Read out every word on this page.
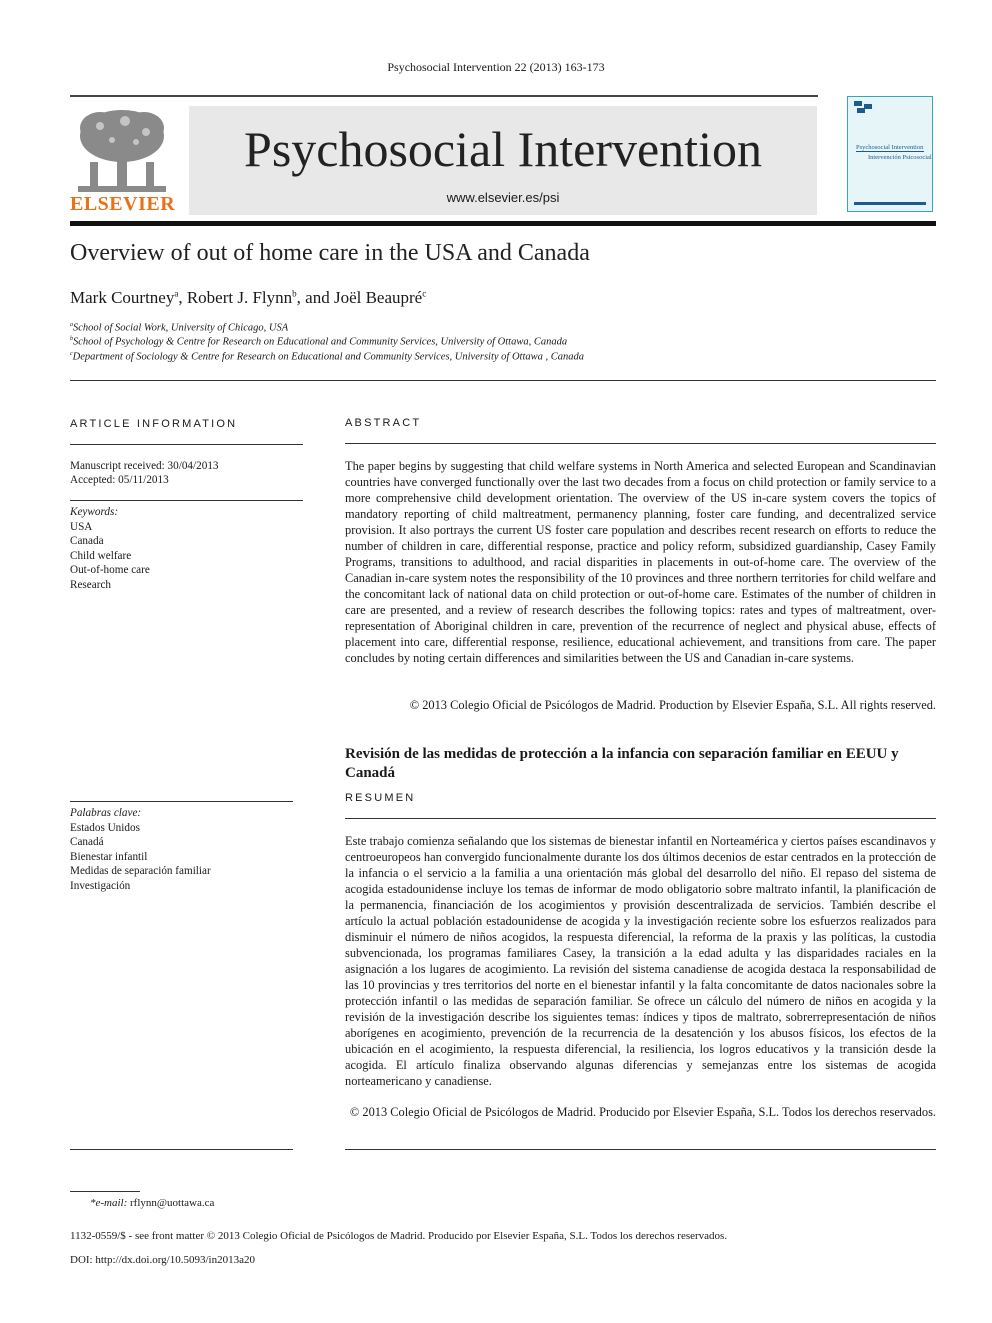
Psychosocial Intervention 22 (2013) 163-173
ELSEVIER
Psychosocial Intervention
www.elsevier.es/psi
Psychosocial Intervention
Intervención Psicosocial
Overview of out of home care in the USA and Canada
Mark Courtney$^a$, Robert J. Flynn$^b$, and Joël Beaupré$^c$
$^a$School of Social Work, University of Chicago, USA
$^b$School of Psychology & Centre for Research on Educational and Community Services, University of Ottawa, Canada
$^c$Department of Sociology & Centre for Research on Educational and Community Services, University of Ottawa , Canada
ARTICLE INFORMATION
Manuscript received: 30/04/2013
Accepted: 05/11/2013
Keywords:
USA
Canada
Child welfare
Out-of-home care
Research
Palabras clave:
Estados Unidos
Canadá
Bienestar infantil
Medidas de separación familiar
Investigación
ABSTRACT
The paper begins by suggesting that child welfare systems in North America and selected European and Scandinavian countries have converged functionally over the last two decades from a focus on child protection or family service to a more comprehensive child development orientation. The overview of the US in-care system covers the topics of mandatory reporting of child maltreatment, permanency planning, foster care funding, and decentralized service provision. It also portrays the current US foster care population and describes recent research on efforts to reduce the number of children in care, differential response, practice and policy reform, subsidized guardianship, Casey Family Programs, transitions to adulthood, and racial disparities in placements in out-of-home care. The overview of the Canadian in-care system notes the responsibility of the 10 provinces and three northern territories for child welfare and the concomitant lack of national data on child protection or out-of-home care. Estimates of the number of children in care are presented, and a review of research describes the following topics: rates and types of maltreatment, over-representation of Aboriginal children in care, prevention of the recurrence of neglect and physical abuse, effects of placement into care, differential response, resilience, educational achievement, and transitions from care. The paper concludes by noting certain differences and similarities between the US and Canadian in-care systems.
© 2013 Colegio Oficial de Psicólogos de Madrid. Production by Elsevier España, S.L. All rights reserved.
Revisión de las medidas de protección a la infancia con separación familiar en EEUU y Canadá
RESUMEN
Este trabajo comienza señalando que los sistemas de bienestar infantil en Norteamérica y ciertos países escandinavos y centroeuropeos han convergido funcionalmente durante los dos últimos decenios de estar centrados en la protección de la infancia o el servicio a la familia a una orientación más global del desarrollo del niño. El repaso del sistema de acogida estadounidense incluye los temas de informar de modo obligatorio sobre maltrato infantil, la planificación de la permanencia, financiación de los acogimientos y provisión descentralizada de servicios. También describe el artículo la actual población estadounidense de acogida y la investigación reciente sobre los esfuerzos realizados para disminuir el número de niños acogidos, la respuesta diferencial, la reforma de la praxis y las políticas, la custodia subvencionada, los programas familiares Casey, la transición a la edad adulta y las disparidades raciales en la asignación a los lugares de acogimiento. La revisión del sistema canadiense de acogida destaca la responsabilidad de las 10 provincias y tres territorios del norte en el bienestar infantil y la falta concomitante de datos nacionales sobre la protección infantil o las medidas de separación familiar. Se ofrece un cálculo del número de niños en acogida y la revisión de la investigación describe los siguientes temas: índices y tipos de maltrato, sobrerrepresentación de niños aborígenes en acogimiento, prevención de la recurrencia de la desatención y los abusos físicos, los efectos de la ubicación en el acogimiento, la respuesta diferencial, la resiliencia, los logros educativos y la transición desde la acogida. El artículo finaliza observando algunas diferencias y semejanzas entre los sistemas de acogida norteamericano y canadiense.
© 2013 Colegio Oficial de Psicólogos de Madrid. Producido por Elsevier España, S.L. Todos los derechos reservados.
*e-mail: rflynn@uottawa.ca
1132-0559/$ - see front matter © 2013 Colegio Oficial de Psicólogos de Madrid. Producido por Elsevier España, S.L. Todos los derechos reservados.
DOI: http://dx.doi.org/10.5093/in2013a20
